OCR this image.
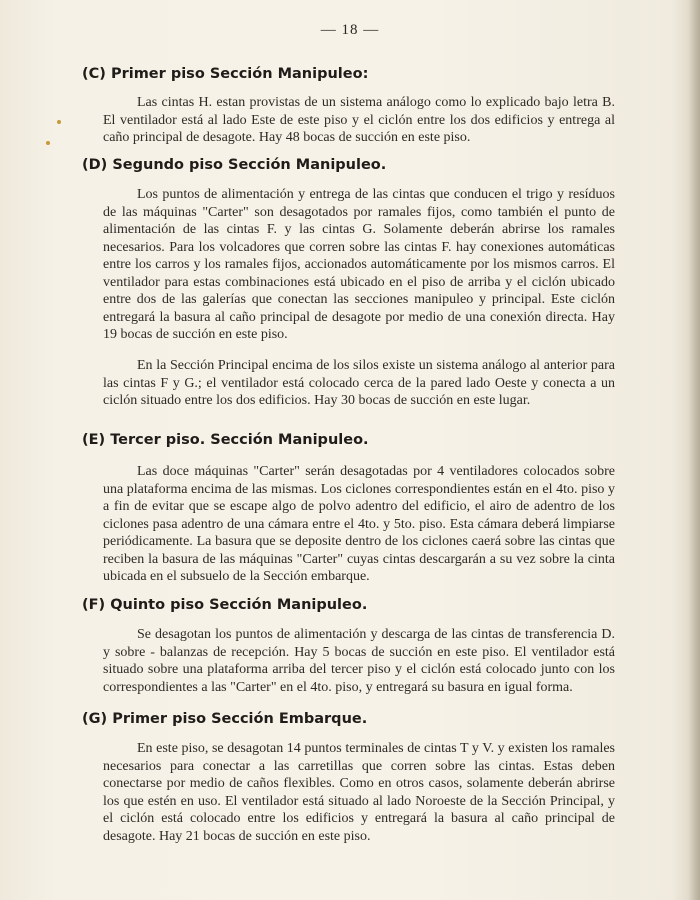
— 18 —
(C) Primer piso Sección Manipuleo:

Las cintas H. estan provistas de un sistema análogo como lo explicado bajo letra B. El ventilador está al lado Este de este piso y el ciclón entre los dos edificios y entrega al caño principal de desagote. Hay 48 bocas de succión en este piso.

(D) Segundo piso Sección Manipuleo.

Los puntos de alimentación y entrega de las cintas que conducen el trigo y resíduos de las máquinas "Carter" son desagotados por ramales fijos, como también el punto de alimentación de las cintas F. y las cintas G. Solamente deberán abrirse los ramales necesarios. Para los volcadores que corren sobre las cintas F. hay conexiones automáticas entre los carros y los ramales fijos, accionados automáticamente por los mismos carros. El ventilador para estas combinaciones está ubicado en el piso de arriba y el ciclón ubicado entre dos de las galerías que conectan las secciones manipuleo y principal. Este ciclón entregará la basura al caño principal de desagote por medio de una conexión directa. Hay 19 bocas de succión en este piso.

En la Sección Principal encima de los silos existe un sistema análogo al anterior para las cintas F y G.; el ventilador está colocado cerca de la pared lado Oeste y conecta a un ciclón situado entre los dos edificios. Hay 30 bocas de succión en este lugar.

(E) Tercer piso. Sección Manipuleo.

Las doce máquinas "Carter" serán desagotadas por 4 ventiladores colocados sobre una plataforma encima de las mismas. Los ciclones correspondientes están en el 4to. piso y a fin de evitar que se escape algo de polvo adentro del edificio, el airo de adentro de los ciclones pasa adentro de una cámara entre el 4to. y 5to. piso. Esta cámara deberá limpiarse periódicamente. La basura que se deposite dentro de los ciclones caerá sobre las cintas que reciben la basura de las máquinas "Carter" cuyas cintas descargarán a su vez sobre la cinta ubicada en el subsuelo de la Sección embarque.

(F) Quinto piso Sección Manipuleo.

Se desagotan los puntos de alimentación y descarga de las cintas de transferencia D. y sobre - balanzas de recepción. Hay 5 bocas de succión en este piso. El ventilador está situado sobre una plataforma arriba del tercer piso y el ciclón está colocado junto con los correspondientes a las "Carter" en el 4to. piso, y entregará su basura en igual forma.

(G) Primer piso Sección Embarque.

En este piso, se desagotan 14 puntos terminales de cintas T y V. y existen los ramales necesarios para conectar a las carretillas que corren sobre las cintas. Estas deben conectarse por medio de caños flexibles. Como en otros casos, solamente deberán abrirse los que estén en uso. El ventilador está situado al lado Noroeste de la Sección Principal, y el ciclón está colocado entre los edificios y entregará la basura al caño principal de desagote. Hay 21 bocas de succión en este piso.
